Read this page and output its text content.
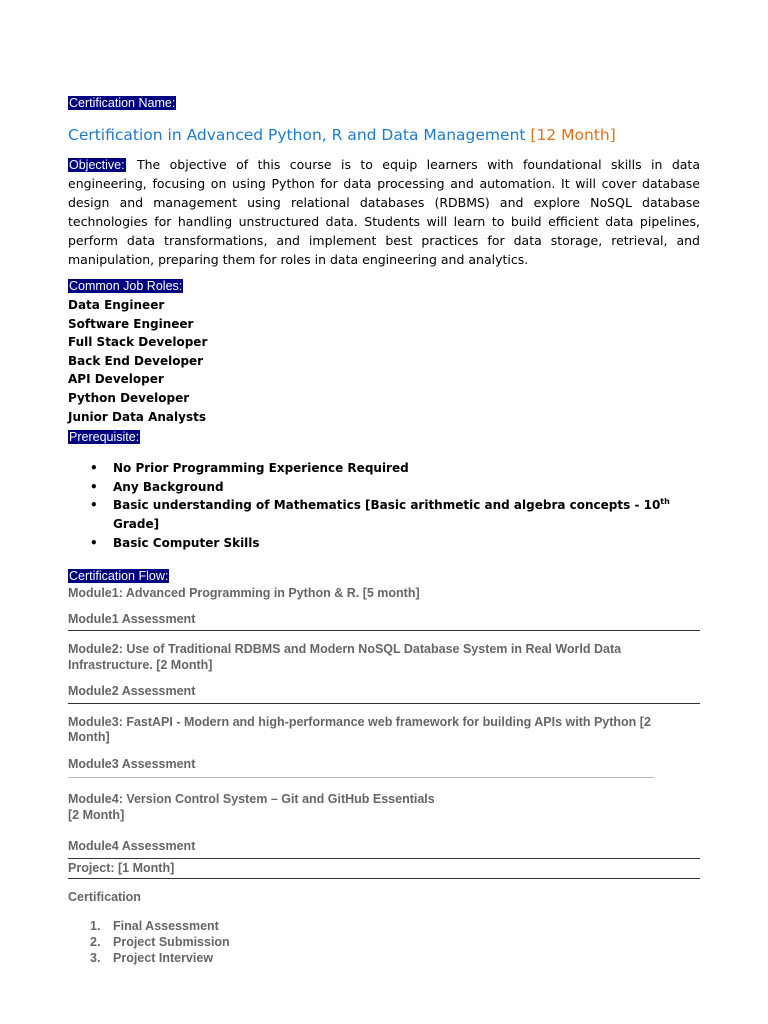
Certification Name:
Certification in Advanced Python, R and Data Management [12 Month]
Objective: The objective of this course is to equip learners with foundational skills in data engineering, focusing on using Python for data processing and automation. It will cover database design and management using relational databases (RDBMS) and explore NoSQL database technologies for handling unstructured data. Students will learn to build efficient data pipelines, perform data transformations, and implement best practices for data storage, retrieval, and manipulation, preparing them for roles in data engineering and analytics.
Common Job Roles:
Data Engineer
Software Engineer
Full Stack Developer
Back End Developer
API Developer
Python Developer
Junior Data Analysts
Prerequisite:
• No Prior Programming Experience Required
• Any Background
• Basic understanding of Mathematics [Basic arithmetic and algebra concepts - 10th Grade]
• Basic Computer Skills
Certification Flow:
Module1: Advanced Programming in Python & R. [5 month]
Module1 Assessment
Module2: Use of Traditional RDBMS and Modern NoSQL Database System in Real World Data
Infrastructure. [2 Month]
Module2 Assessment
Module3: FastAPI - Modern and high-performance web framework for building APIs with Python [2
Month]
Module3 Assessment
Module4: Version Control System – Git and GitHub Essentials
[2 Month]
Module4 Assessment
Project: [1 Month]
Certification
1. Final Assessment
2. Project Submission
3. Project Interview
